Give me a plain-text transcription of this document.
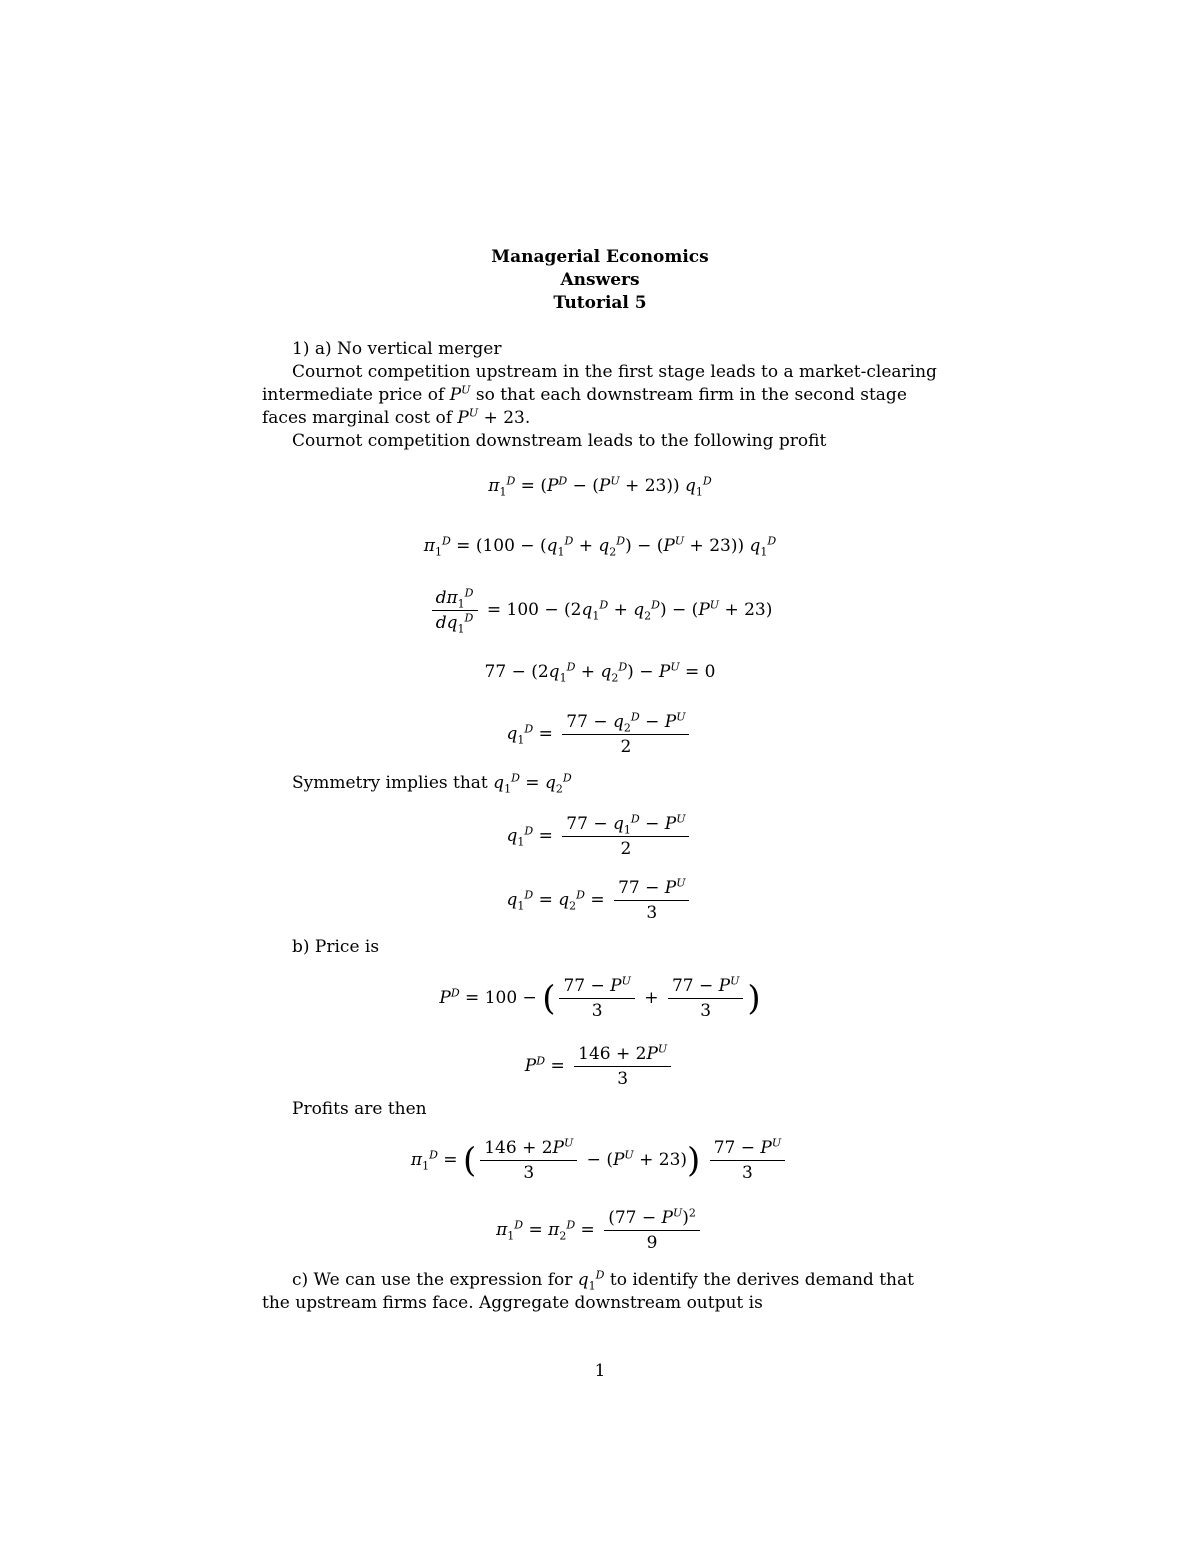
Managerial Economics
Answers
Tutorial 5
1) a) No vertical merger
Cournot competition upstream in the first stage leads to a market-clearing intermediate price of $P^U$ so that each downstream firm in the second stage faces marginal cost of $P^U + 23$.
Cournot competition downstream leads to the following profit
$\pi_1^D = (P^D - (P^U + 23))$ $q_1^D$
$\pi_1^D = (100 - (q_1^D + q_2^D) - (P^U + 23))$ $q_1^D$
$\frac{d\pi_1^D}{dq_1^D} = 100 - (2q_1^D + q_2^D) - (P^U + 23)$
$77 - (2q_1^D + q_2^D) - P^U = 0$
$q_1^D = \frac{77 - q_2^D - P^U}{2}$
Symmetry implies that $q_1^D = q_2^D$
$q_1^D = \frac{77 - q_1^D - P^U}{2}$
$q_1^D = q_2^D = \frac{77 - P^U}{3}$
b) Price is
$P^D = 100$ − ( $\frac{77 - P^U}{3} + \frac{77 - P^U}{3}$ )
$P^D = \frac{146 + 2P^U}{3}$
Profits are then
$\pi_1^D$ = ( $\frac{146 + 2P^U}{3} - (P^U + 23)) \frac{77 - P^U}{3}$
$\pi_1^D = \pi_2^D = \frac{(77 - P^U)^2}{9}$
c) We can use the expression for $q_1^D$ to identify the derives demand that the upstream firms face. Aggregate downstream output is
1
